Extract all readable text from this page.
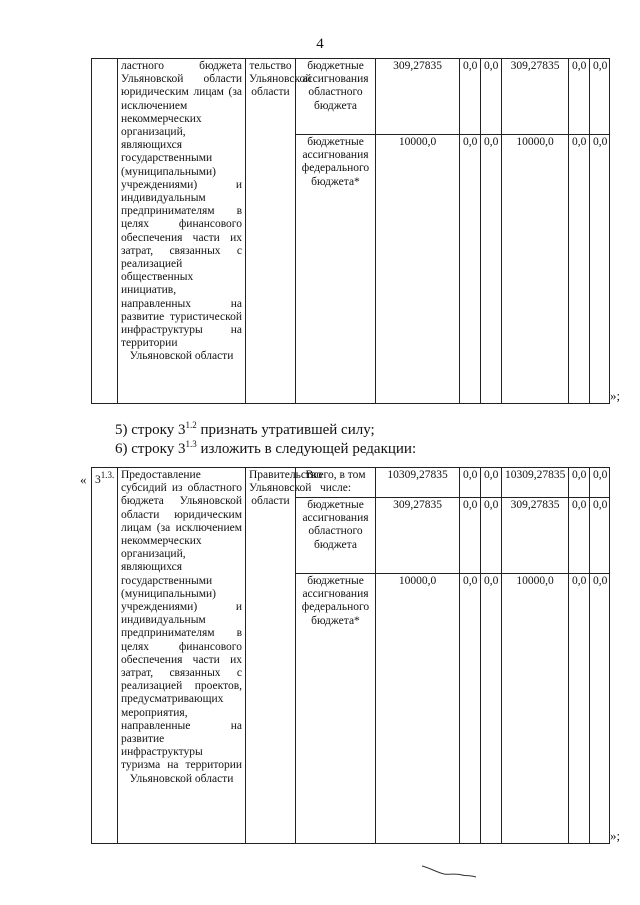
4
	ластного бюджета Ульяновской области юридическим лицам (за исключением некоммерческих организаций, являющихся государственными (муниципальными) учреждениями) и индивидуальным предпринимателям в целях финансового обеспечения части их затрат, связанных с реализацией общественных инициатив, направленных на развитие туристической инфраструктуры на территории Ульяновской области	тельство Ульяновской области	бюджетные ассигнования областного бюджета	309,27835	0,0	0,0	309,27835	0,0	0,0
			бюджетные ассигнования федерального бюджета*	10000,0	0,0	0,0	10000,0	0,0	0,0
»;
5) строку $3^{1.2}$ признать утратившей силу;
6) строку $3^{1.3}$ изложить в следующей редакции:
« $3^{1.3.}$	Предоставление субсидий из областного бюджета Ульяновской области юридическим лицам (за исключением некоммерческих организаций, являющихся государственными (муниципальными) учреждениями) и индивидуальным предпринимателям в целях финансового обеспечения части их затрат, связанных с реализацией проектов, предусматривающих мероприятия, направленные на развитие инфраструктуры туризма на территории Ульяновской области	Правительство Ульяновской области	Всего, в том числе:	10309,27835	0,0	0,0	10309,27835	0,0	0,0
			бюджетные ассигнования областного бюджета	309,27835	0,0	0,0	309,27835	0,0	0,0
			бюджетные ассигнования федерального бюджета*	10000,0	0,0	0,0	10000,0	0,0	0,0
»;
